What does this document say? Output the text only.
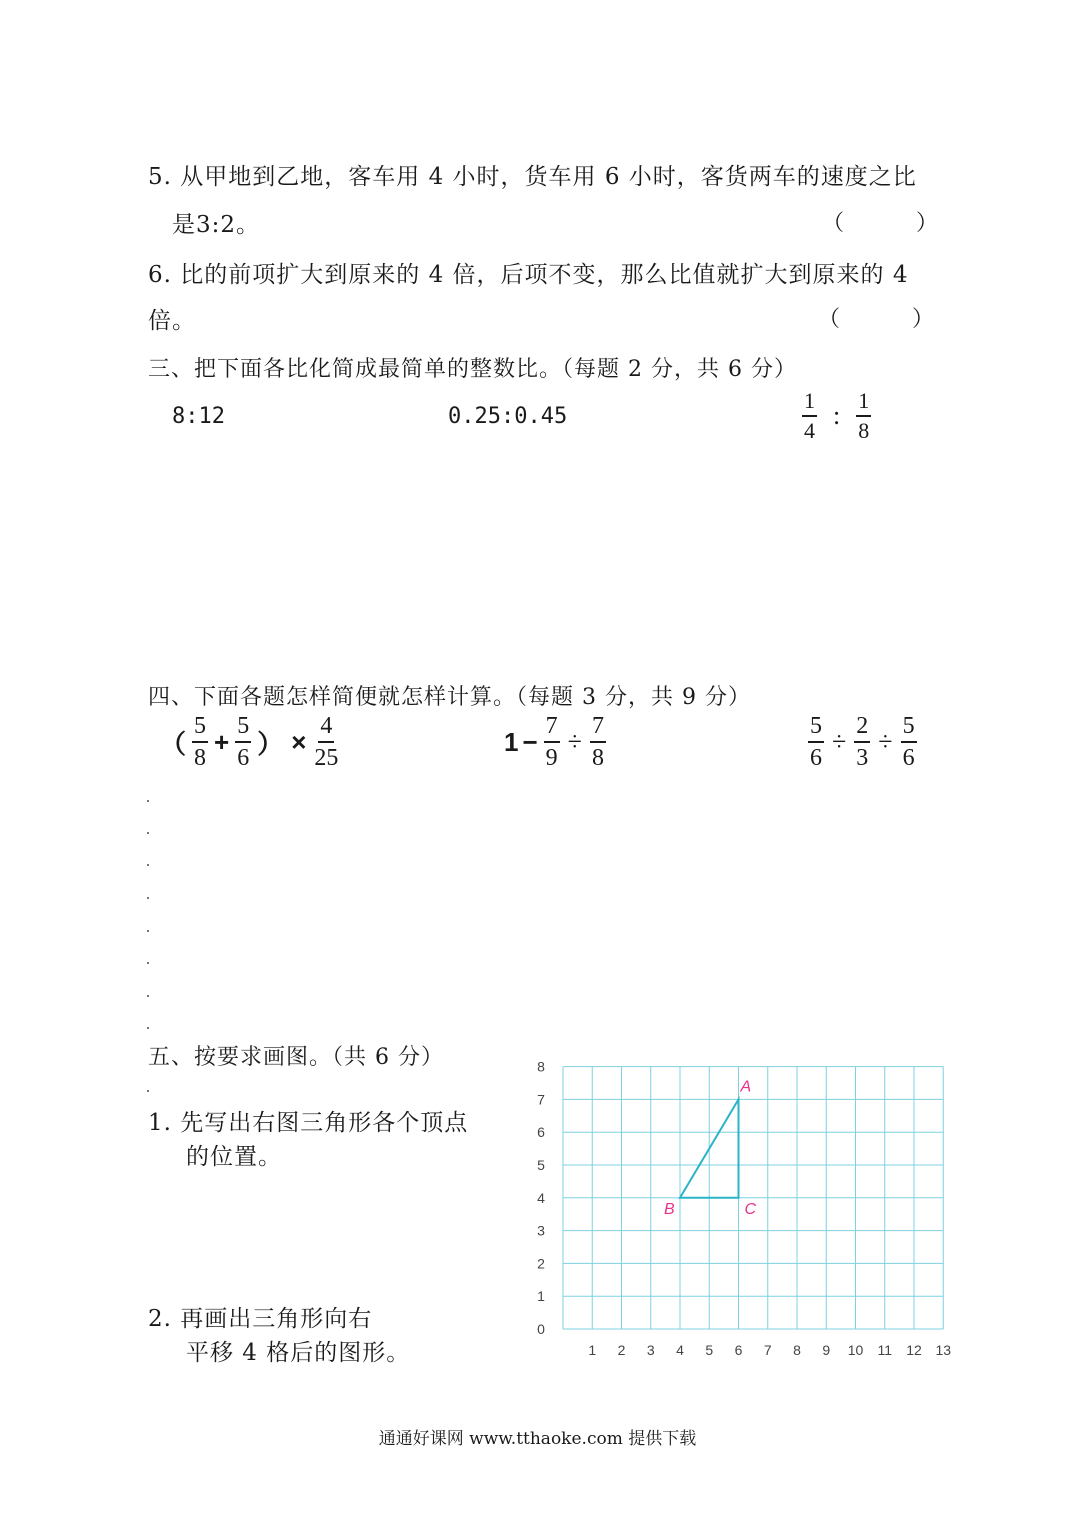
5. 从甲地到乙地，客车用 4 小时，货车用 6 小时，客货两车的速度之比
是3:2。	（	）
6. 比的前项扩大到原来的 4 倍，后项不变，那么比值就扩大到原来的 4
倍。	（	）
三、把下面各比化简成最简单的整数比。（每题 2 分，共 6 分）
8:12	0.25:0.45	$\frac{1}{4}$ : $\frac{1}{8}$
四、下面各题怎样简便就怎样计算。（每题 3 分，共 9 分）
（ $\frac{5}{8} + \frac{5}{6}$ ） × $\frac{4}{25}$	$1 - \frac{7}{9} \div \frac{7}{8}$	$\frac{5}{6} \div \frac{2}{3} \div \frac{5}{6}$
五、按要求画图。（共 6 分）
1. 先写出右图三角形各个顶点
的位置。
2. 再画出三角形向右
平移 4 格后的图形。	1 2 3 4 5 6 7 8 9 10 11 12 13
0
1
2
3
4
5
6
7
8
A
B	C
通通好课网 www.tthaoke.com 提供下载
